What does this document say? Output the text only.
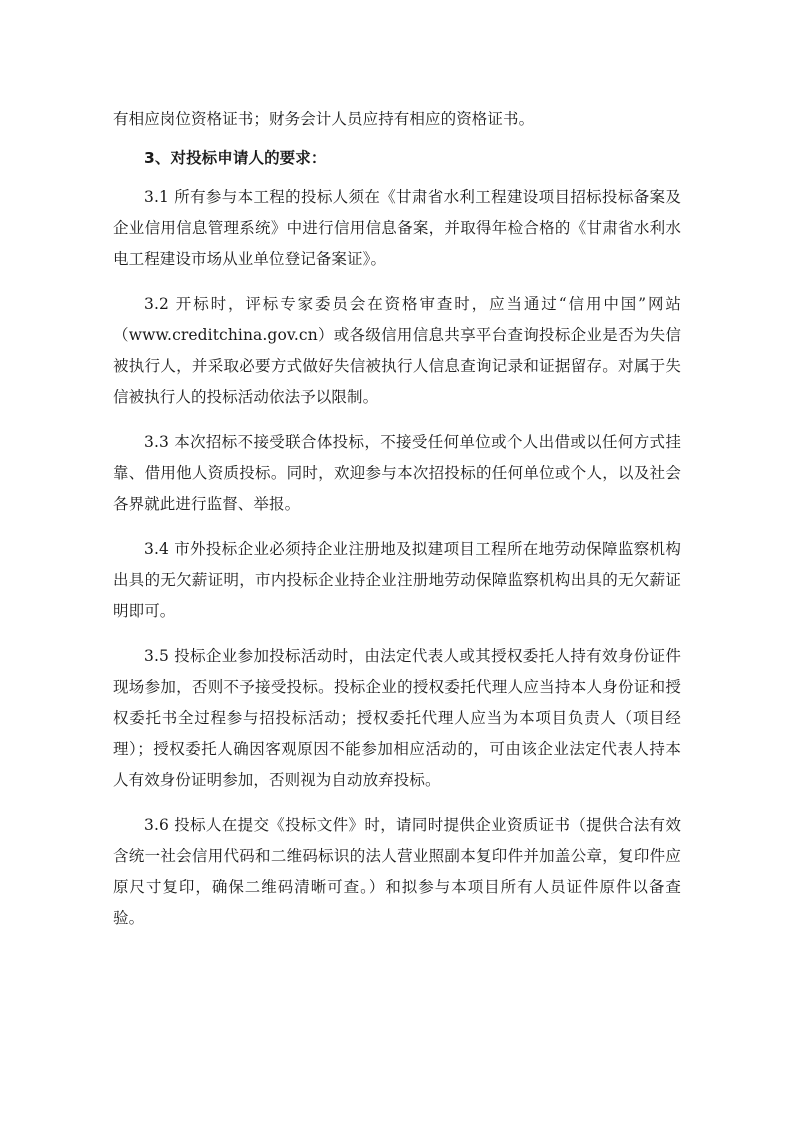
有相应岗位资格证书；财务会计人员应持有相应的资格证书。

3、对投标申请人的要求：

3.1 所有参与本工程的投标人须在《甘肃省水利工程建设项目招标投标备案及企业信用信息管理系统》中进行信用信息备案，并取得年检合格的《甘肃省水利水电工程建设市场从业单位登记备案证》。

3.2 开标时，评标专家委员会在资格审查时，应当通过“信用中国”网站（www.creditchina.gov.cn）或各级信用信息共享平台查询投标企业是否为失信被执行人，并采取必要方式做好失信被执行人信息查询记录和证据留存。对属于失信被执行人的投标活动依法予以限制。

3.3 本次招标不接受联合体投标，不接受任何单位或个人出借或以任何方式挂靠、借用他人资质投标。同时，欢迎参与本次招投标的任何单位或个人，以及社会各界就此进行监督、举报。

3.4 市外投标企业必须持企业注册地及拟建项目工程所在地劳动保障监察机构出具的无欠薪证明，市内投标企业持企业注册地劳动保障监察机构出具的无欠薪证明即可。

3.5 投标企业参加投标活动时，由法定代表人或其授权委托人持有效身份证件现场参加，否则不予接受投标。投标企业的授权委托代理人应当持本人身份证和授权委托书全过程参与招投标活动；授权委托代理人应当为本项目负责人（项目经理）；授权委托人确因客观原因不能参加相应活动的，可由该企业法定代表人持本人有效身份证明参加，否则视为自动放弃投标。

3.6 投标人在提交《投标文件》时，请同时提供企业资质证书（提供合法有效含统一社会信用代码和二维码标识的法人营业照副本复印件并加盖公章，复印件应原尺寸复印，确保二维码清晰可查。）和拟参与本项目所有人员证件原件以备查验。
